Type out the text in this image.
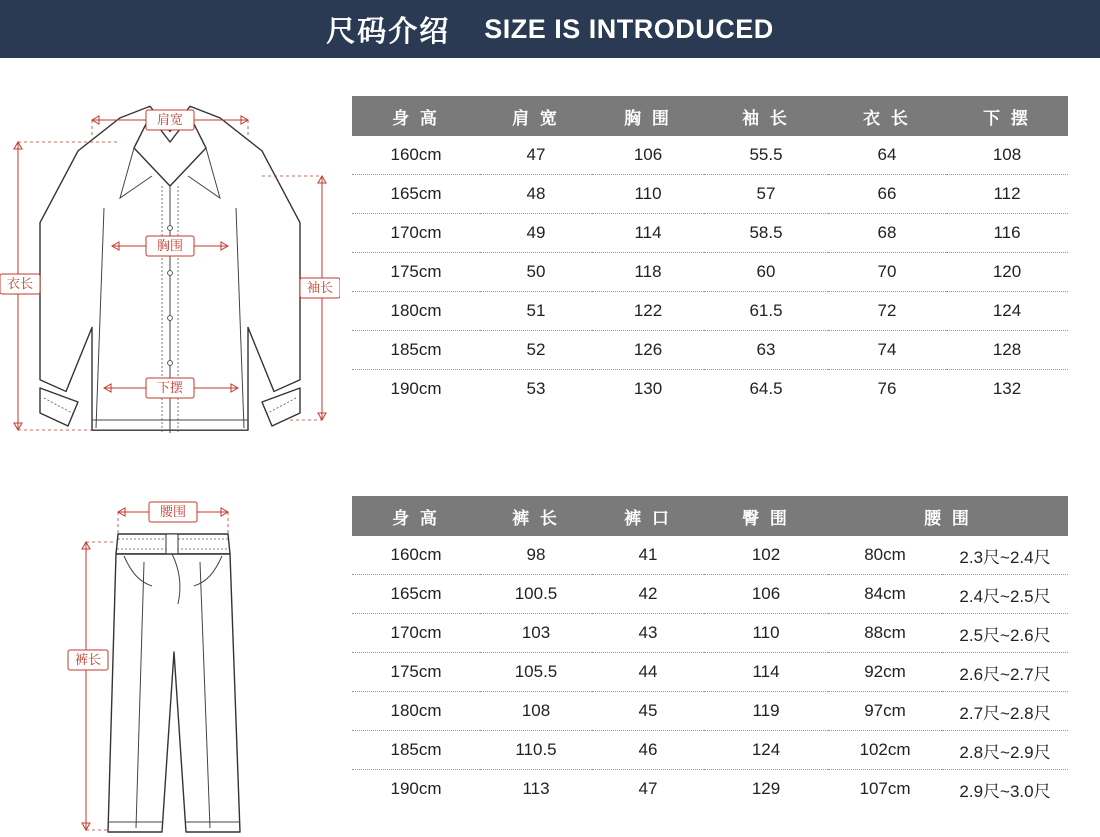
尺码介绍 SIZE IS INTRODUCED
肩宽
胸围
衣长	袖长
下摆
腰围
裤长
身 高	肩 宽	胸 围	袖 长	衣 长	下 摆
160cm	47	106	55.5	64	108
165cm	48	110	57	66	112
170cm	49	114	58.5	68	116
175cm	50	118	60	70	120
180cm	51	122	61.5	72	124
185cm	52	126	63	74	128
190cm	53	130	64.5	76	132
身 高	裤 长	裤 口	臀 围	腰 围	
160cm	98	41	102	80cm	2.3尺~2.4尺
165cm	100.5	42	106	84cm	2.4尺~2.5尺
170cm	103	43	110	88cm	2.5尺~2.6尺
175cm	105.5	44	114	92cm	2.6尺~2.7尺
180cm	108	45	119	97cm	2.7尺~2.8尺
185cm	110.5	46	124	102cm	2.8尺~2.9尺
190cm	113	47	129	107cm	2.9尺~3.0尺
